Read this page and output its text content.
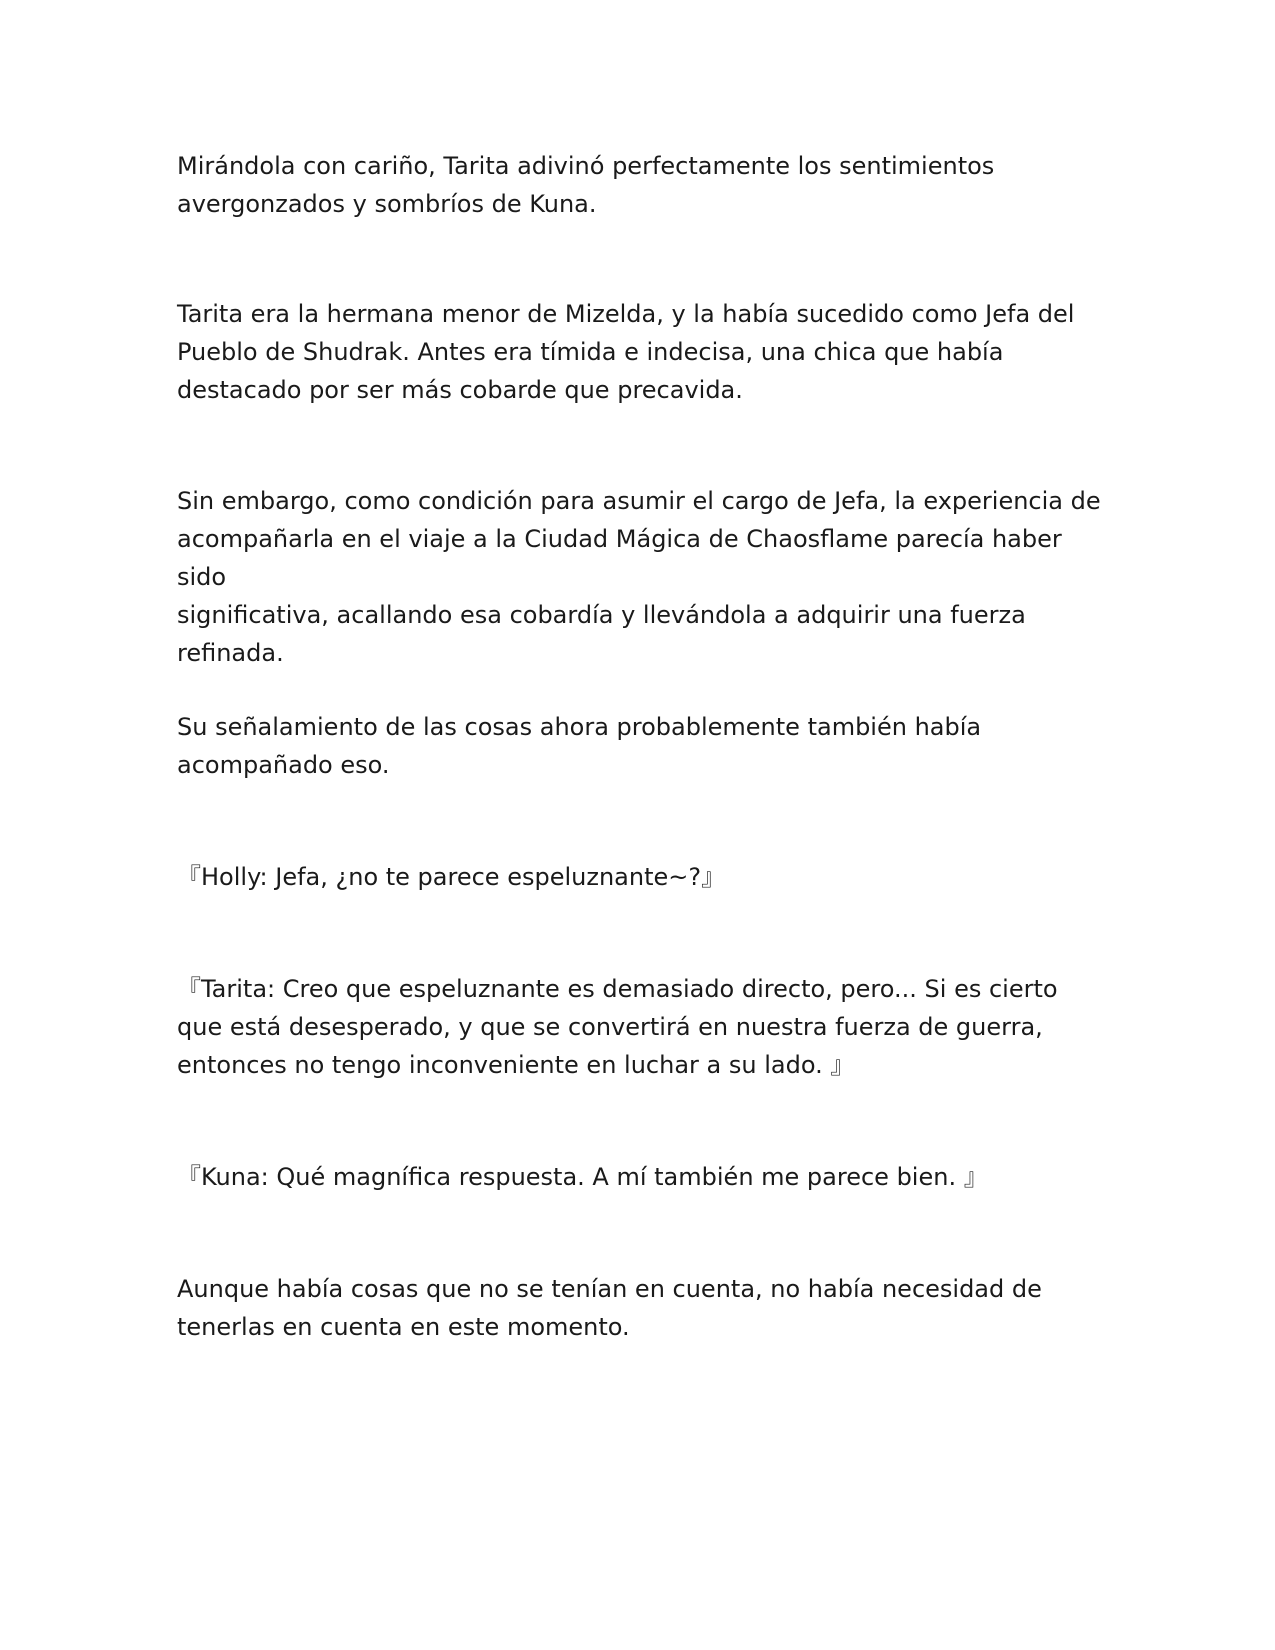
Mirándola con cariño, Tarita adivinó perfectamente los sentimientos
avergonzados y sombríos de Kuna.

Tarita era la hermana menor de Mizelda, y la había sucedido como Jefa del
Pueblo de Shudrak. Antes era tímida e indecisa, una chica que había
destacado por ser más cobarde que precavida.

Sin embargo, como condición para asumir el cargo de Jefa, la experiencia de
acompañarla en el viaje a la Ciudad Mágica de Chaosflame parecía haber sido
significativa, acallando esa cobardía y llevándola a adquirir una fuerza
refinada.

Su señalamiento de las cosas ahora probablemente también había
acompañado eso.

『Holly: Jefa, ¿no te parece espeluznante~?』

『Tarita: Creo que espeluznante es demasiado directo, pero... Si es cierto
que está desesperado, y que se convertirá en nuestra fuerza de guerra,
entonces no tengo inconveniente en luchar a su lado. 』

『Kuna: Qué magnífica respuesta. A mí también me parece bien. 』

Aunque había cosas que no se tenían en cuenta, no había necesidad de
tenerlas en cuenta en este momento.
